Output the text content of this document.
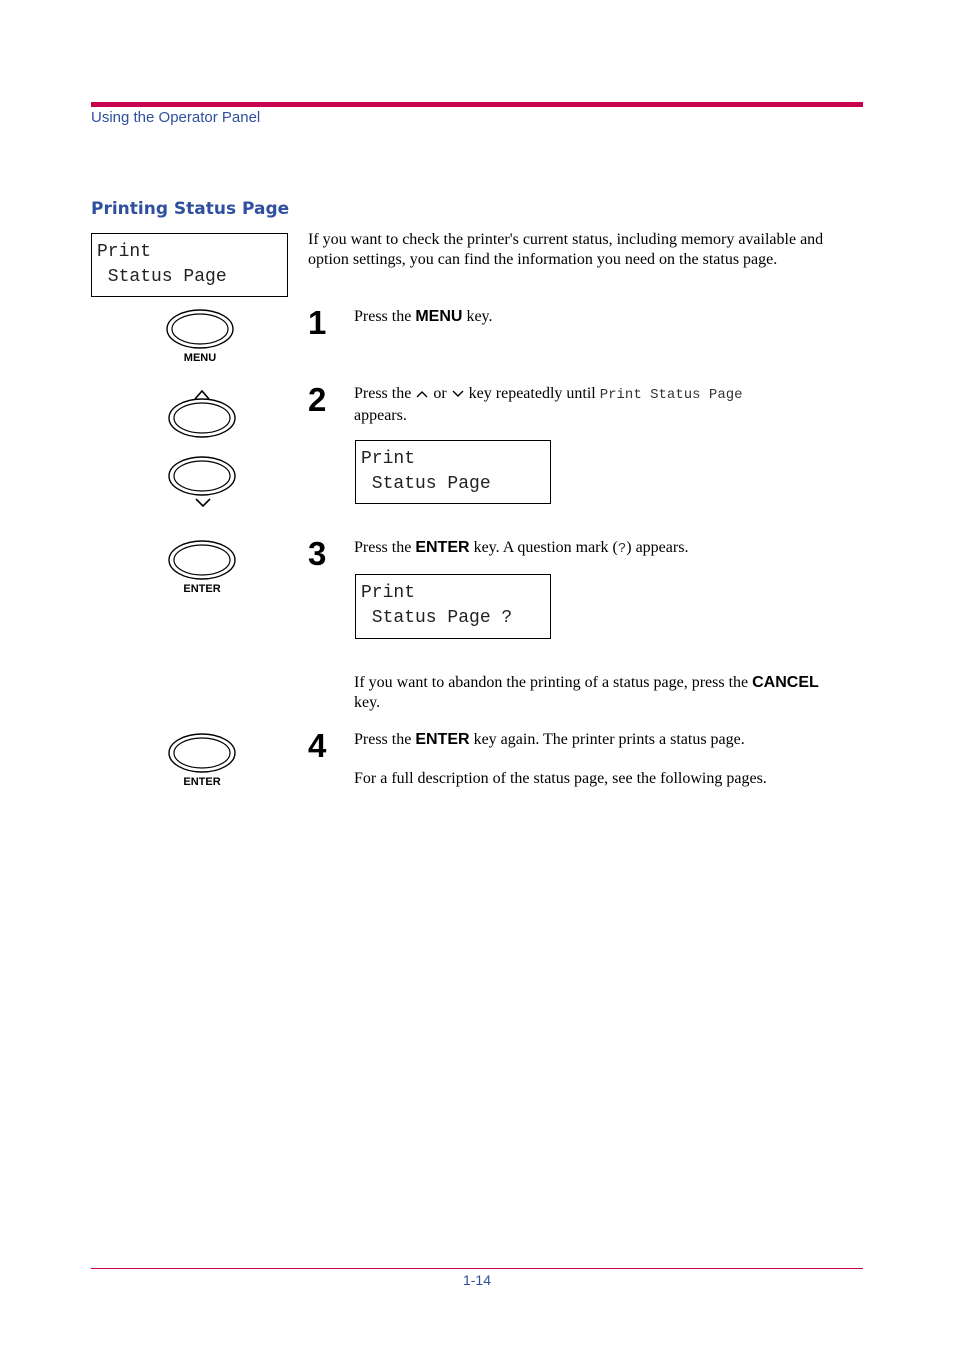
Using the Operator Panel
Printing Status Page
Print
Status Page
If you want to check the printer's current status, including memory available and option settings, you can find the information you need on the status page.
MENU
1 Press the MENU key.
2 Press the  or  key repeatedly until Print Status Page
appears.
Print
Status Page
ENTER
3 Press the ENTER key. A question mark (?) appears.
Print
Status Page ?
If you want to abandon the printing of a status page, press the CANCEL key.
ENTER
4 Press the ENTER key again. The printer prints a status page.
For a full description of the status page, see the following pages.
1-14
